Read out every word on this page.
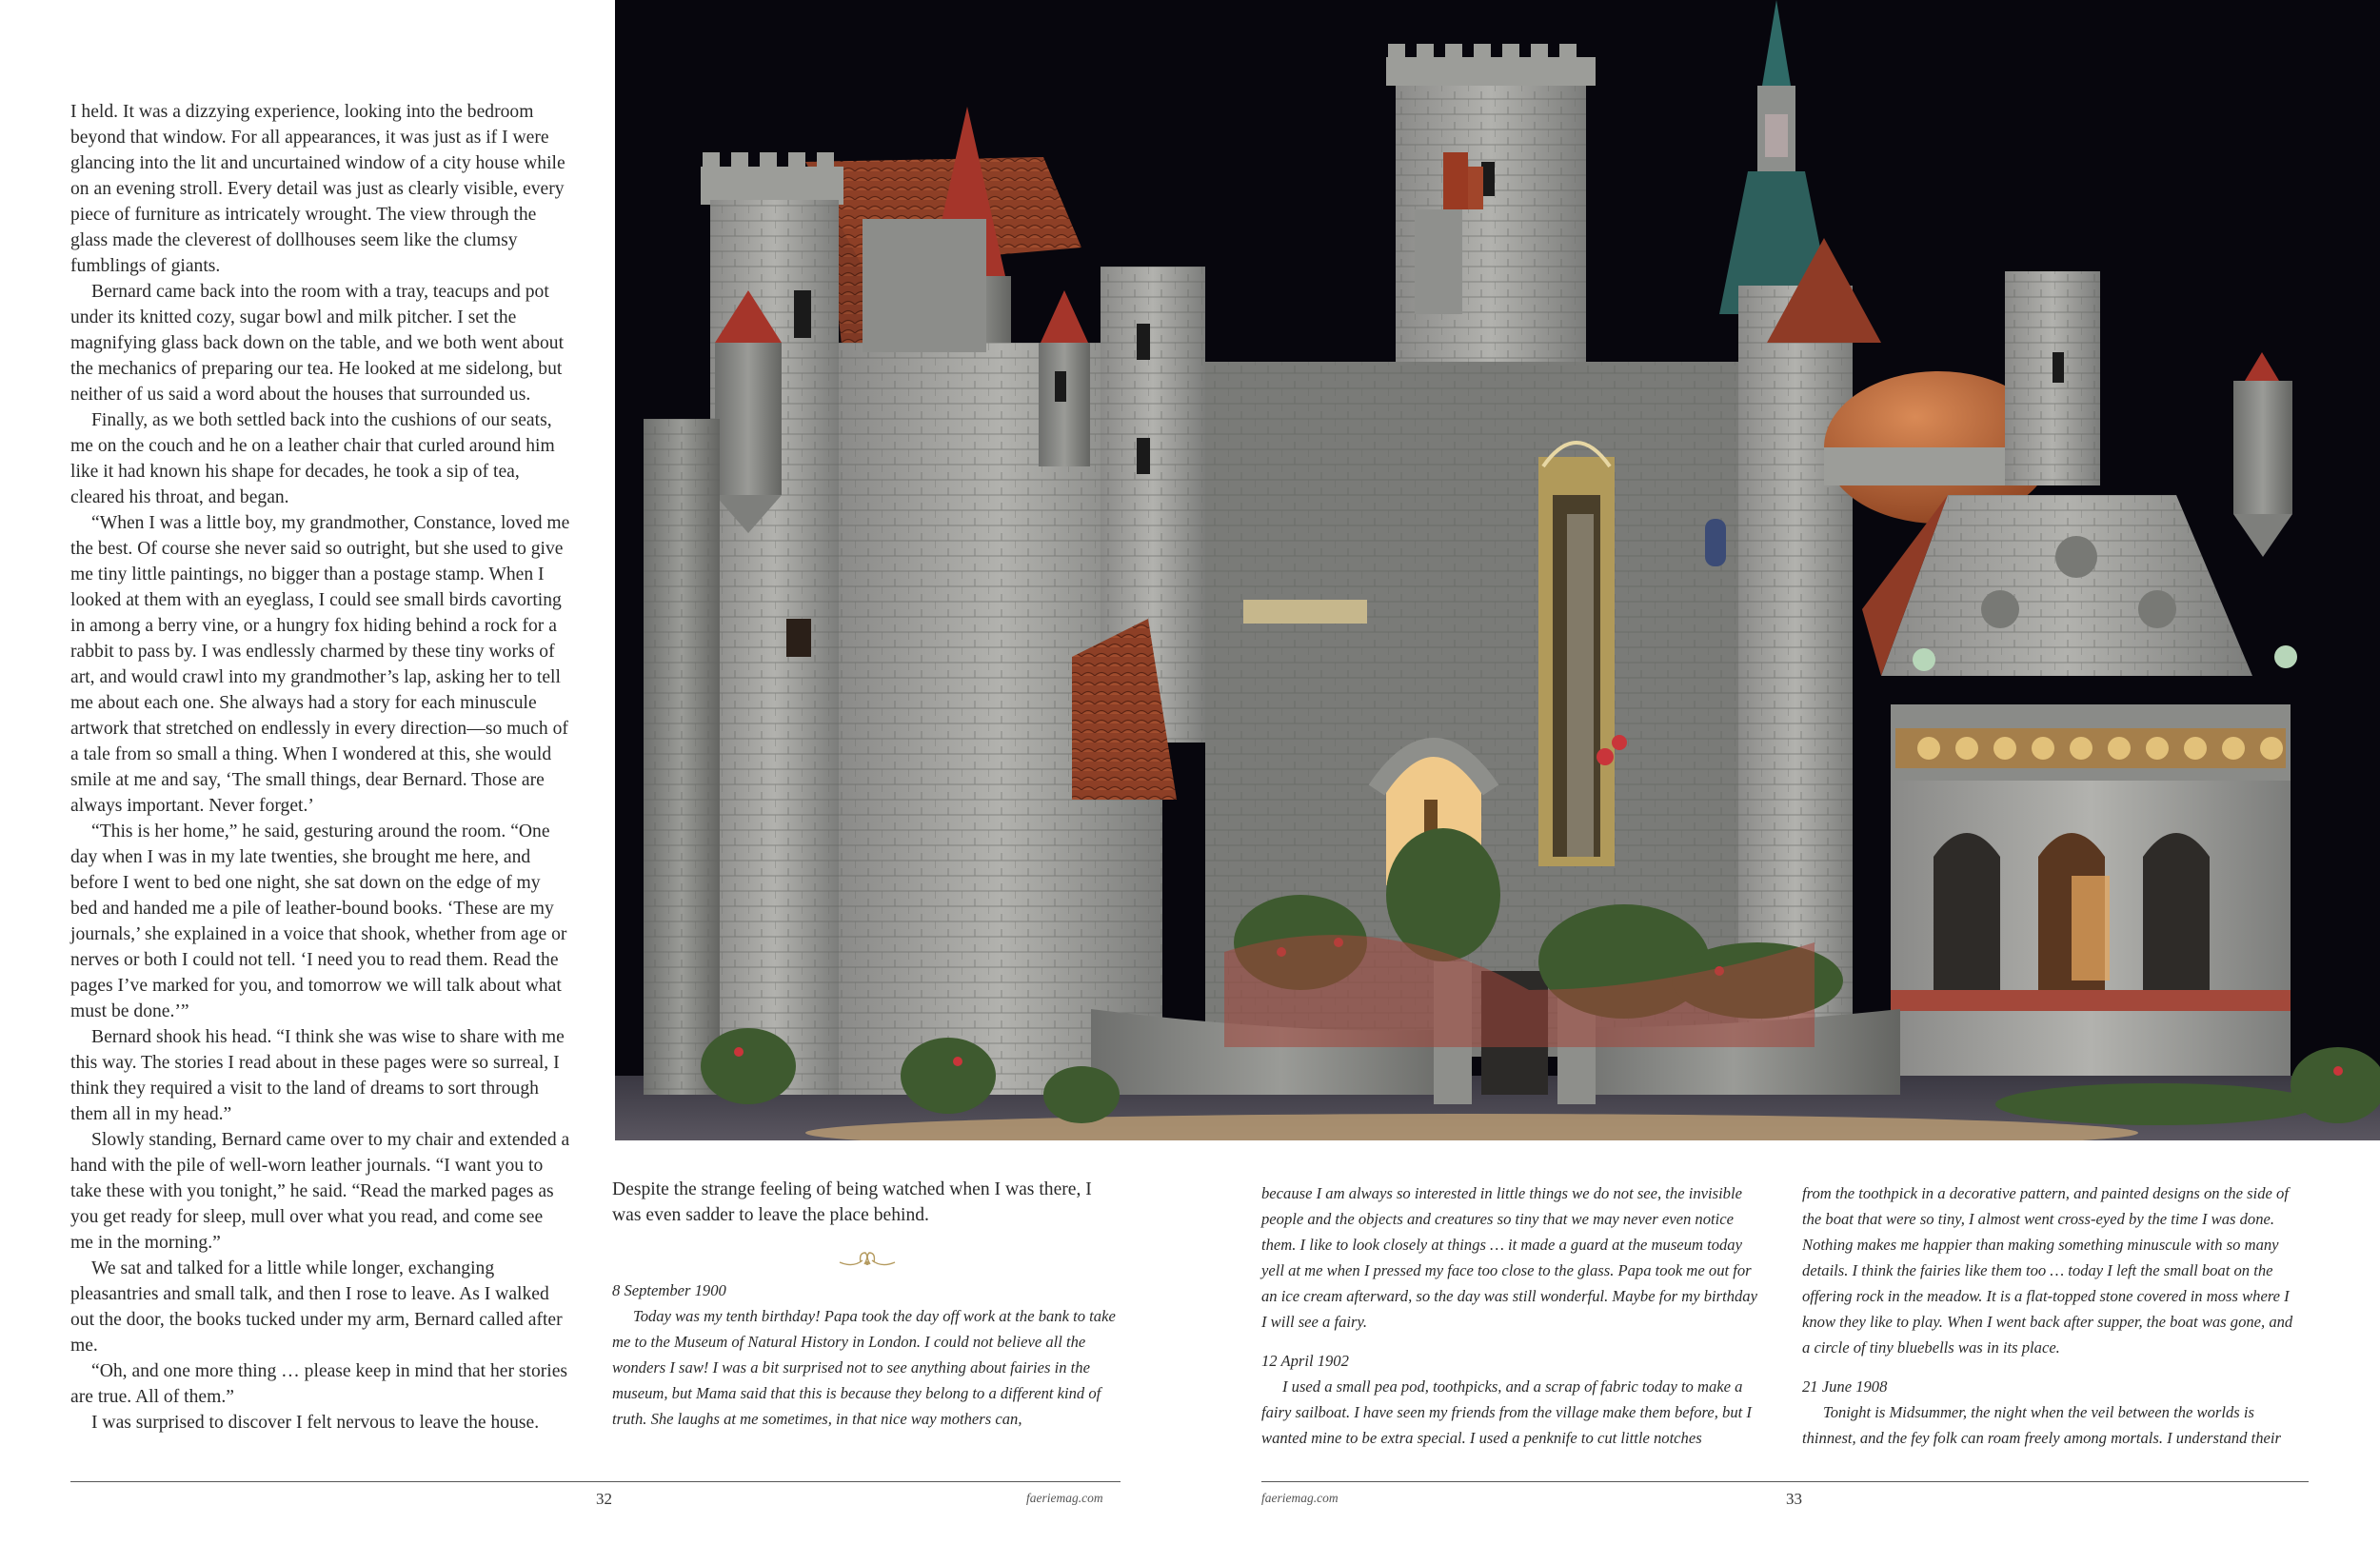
I held. It was a dizzying experience, looking into the bedroom beyond that window. For all appearances, it was just as if I were glancing into the lit and uncurtained window of a city house while on an evening stroll. Every detail was just as clearly visible, every piece of furniture as intricately wrought. The view through the glass made the cleverest of dollhouses seem like the clumsy fumblings of giants.

Bernard came back into the room with a tray, teacups and pot under its knitted cozy, sugar bowl and milk pitcher. I set the magnifying glass back down on the table, and we both went about the mechanics of preparing our tea. He looked at me sidelong, but neither of us said a word about the houses that surrounded us.

Finally, as we both settled back into the cushions of our seats, me on the couch and he on a leather chair that curled around him like it had known his shape for decades, he took a sip of tea, cleared his throat, and began.

“When I was a little boy, my grandmother, Constance, loved me the best. Of course she never said so outright, but she used to give me tiny little paintings, no bigger than a postage stamp. When I looked at them with an eyeglass, I could see small birds cavorting in among a berry vine, or a hungry fox hiding behind a rock for a rabbit to pass by. I was endlessly charmed by these tiny works of art, and would crawl into my grandmother’s lap, asking her to tell me about each one. She always had a story for each minuscule artwork that stretched on endlessly in every direction—so much of a tale from so small a thing. When I wondered at this, she would smile at me and say, ‘The small things, dear Bernard. Those are always important. Never forget.’

“This is her home,” he said, gesturing around the room. “One day when I was in my late twenties, she brought me here, and before I went to bed one night, she sat down on the edge of my bed and handed me a pile of leather-bound books. ‘These are my journals,’ she explained in a voice that shook, whether from age or nerves or both I could not tell. ‘I need you to read them. Read the pages I’ve marked for you, and tomorrow we will talk about what must be done.’”

Bernard shook his head. “I think she was wise to share with me this way. The stories I read about in these pages were so surreal, I think they required a visit to the land of dreams to sort through them all in my head.”

Slowly standing, Bernard came over to my chair and extended a hand with the pile of well-worn leather journals. “I want you to take these with you tonight,” he said. “Read the marked pages as you get ready for sleep, mull over what you read, and come see me in the morning.”

We sat and talked for a little while longer, exchanging pleasantries and small talk, and then I rose to leave. As I walked out the door, the books tucked under my arm, Bernard called after me.

“Oh, and one more thing … please keep in mind that her stories are true. All of them.”

I was surprised to discover I felt nervous to leave the house.

Despite the strange feeling of being watched when I was there, I was even sadder to leave the place behind.

8 September 1900

Today was my tenth birthday! Papa took the day off work at the bank to take me to the Museum of Natural History in London. I could not believe all the wonders I saw! I was a bit surprised not to see anything about fairies in the museum, but Mama said that this is because they belong to a different kind of truth. She laughs at me sometimes, in that nice way mothers can,

because I am always so interested in little things we do not see, the invisible people and the objects and creatures so tiny that we may never even notice them. I like to look closely at things … it made a guard at the museum today yell at me when I pressed my face too close to the glass. Papa took me out for an ice cream afterward, so the day was still wonderful. Maybe for my birthday I will see a fairy.

12 April 1902

I used a small pea pod, toothpicks, and a scrap of fabric today to make a fairy sailboat. I have seen my friends from the village make them before, but I wanted mine to be extra special. I used a penknife to cut little notches

from the toothpick in a decorative pattern, and painted designs on the side of the boat that were so tiny, I almost went cross-eyed by the time I was done. Nothing makes me happier than making something minuscule with so many details. I think the fairies like them too … today I left the small boat on the offering rock in the meadow. It is a flat-topped stone covered in moss where I know they like to play. When I went back after supper, the boat was gone, and a circle of tiny bluebells was in its place.

21 June 1908

Tonight is Midsummer, the night when the veil between the worlds is thinnest, and the fey folk can roam freely among mortals. I understand their

32	faeriemag.com	faeriemag.com	33
